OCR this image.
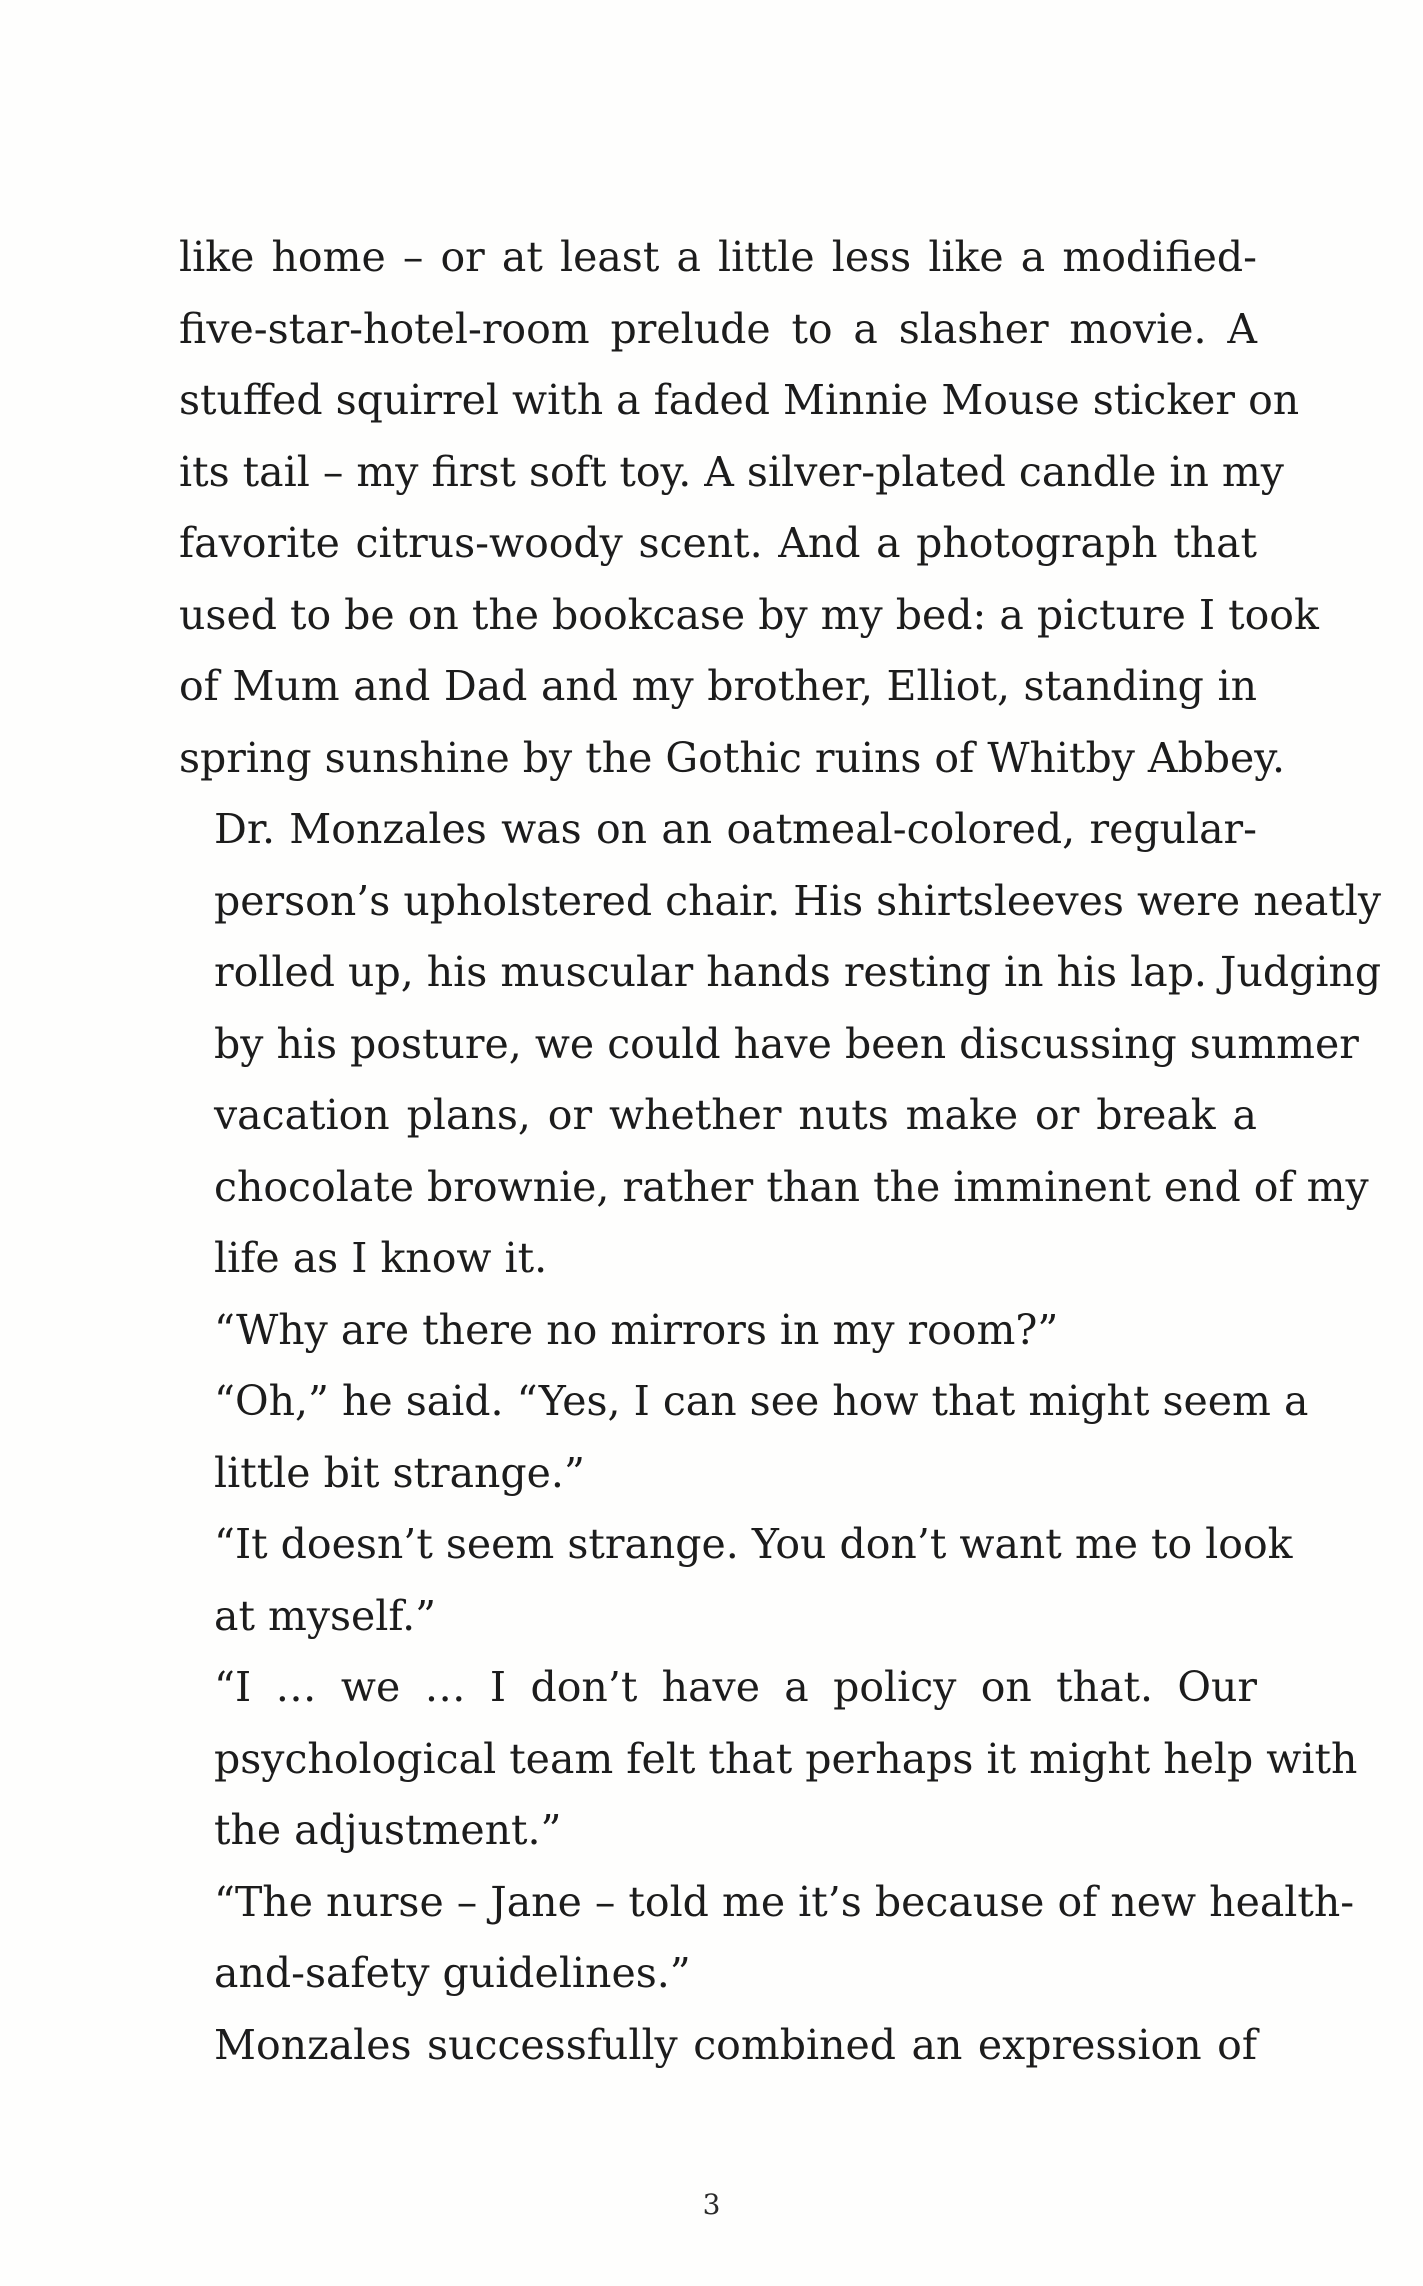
like home – or at least a little less like a modified-
five-star-hotel-room prelude to a slasher movie. A
stuffed squirrel with a faded Minnie Mouse sticker on
its tail – my first soft toy. A silver-plated candle in my
favorite citrus-woody scent. And a photograph that
used to be on the bookcase by my bed: a picture I took
of Mum and Dad and my brother, Elliot, standing in
spring sunshine by the Gothic ruins of Whitby Abbey.
Dr. Monzales was on an oatmeal-colored, regular-
person’s upholstered chair. His shirtsleeves were neatly
rolled up, his muscular hands resting in his lap. Judging
by his posture, we could have been discussing summer
vacation plans, or whether nuts make or break a
chocolate brownie, rather than the imminent end of my
life as I know it.
“Why are there no mirrors in my room?”
“Oh,” he said. “Yes, I can see how that might seem a
little bit strange.”
“It doesn’t seem strange. You don’t want me to look
at myself.”
“I … we … I don’t have a policy on that. Our
psychological team felt that perhaps it might help with
the adjustment.”
“The nurse – Jane – told me it’s because of new health-
and-safety guidelines.”
Monzales successfully combined an expression of
3
